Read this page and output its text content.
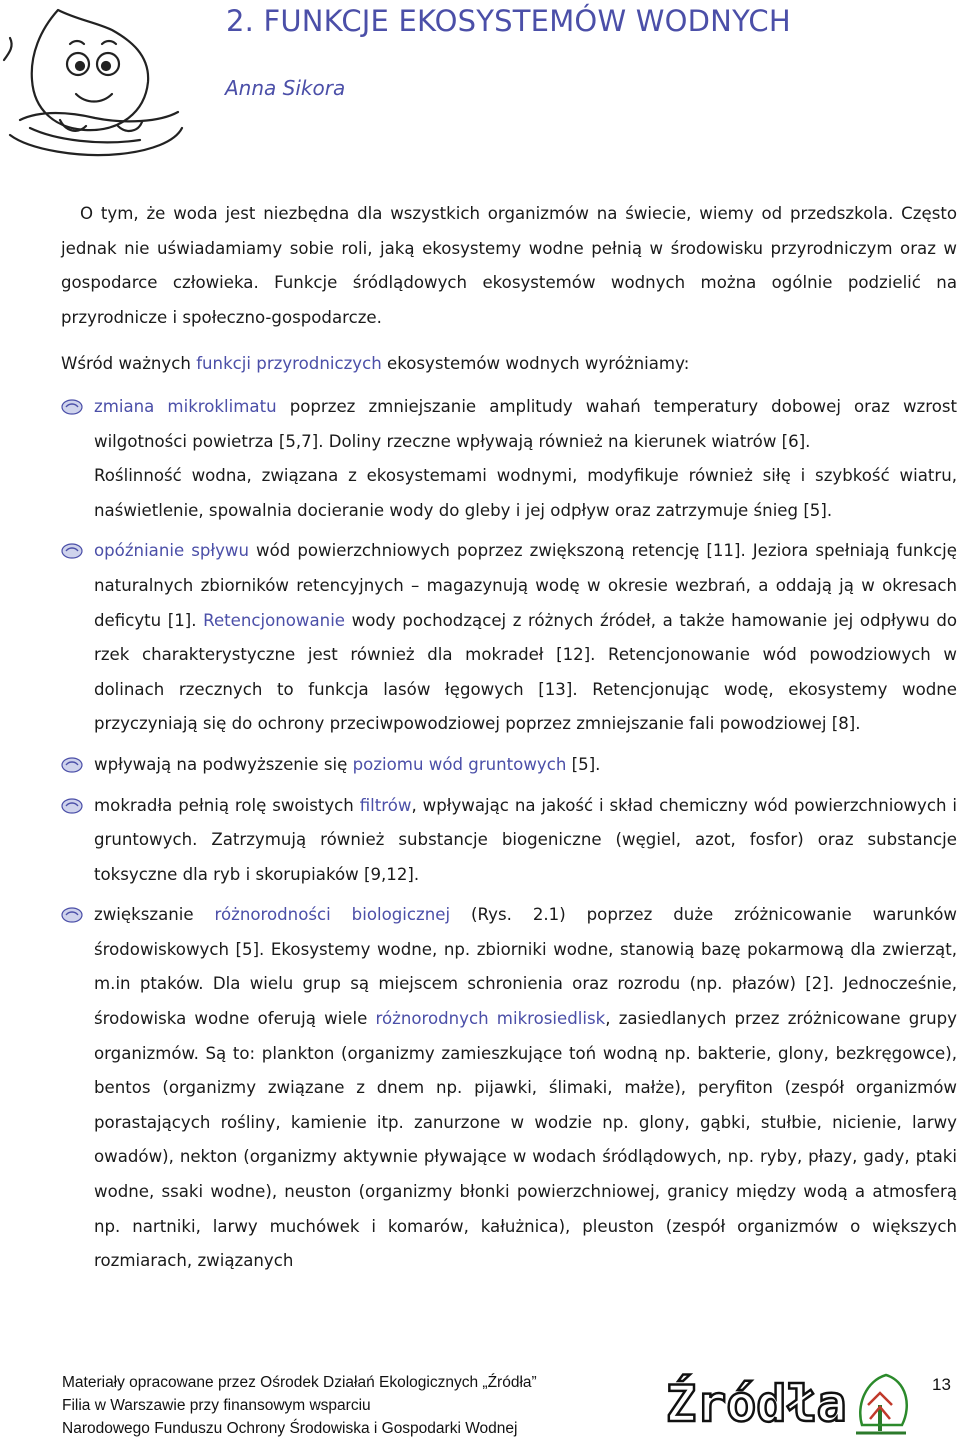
2. FUNKCJE EKOSYSTEMÓW WODNYCH

Anna Sikora

O tym, że woda jest niezbędna dla wszystkich organizmów na świecie, wiemy od przedszkola. Często jednak nie uświadamiamy sobie roli, jaką ekosystemy wodne pełnią w środowisku przyrodniczym oraz w gospodarce człowieka. Funkcje śródlądowych ekosystemów wodnych można ogólnie podzielić na przyrodnicze i społeczno-gospodarcze.

Wśród ważnych funkcji przyrodniczych ekosystemów wodnych wyróżniamy:

zmiana mikroklimatu poprzez zmniejszanie amplitudy wahań temperatury dobowej oraz wzrost wilgotności powietrza [5,7]. Doliny rzeczne wpływają również na kierunek wiatrów [6].

Roślinność wodna, związana z ekosystemami wodnymi, modyfikuje również siłę i szybkość wiatru, naświetlenie, spowalnia docieranie wody do gleby i jej odpływ oraz zatrzymuje śnieg [5].

opóźnianie spływu wód powierzchniowych poprzez zwiększoną retencję [11]. Jeziora spełniają funkcję naturalnych zbiorników retencyjnych – magazynują wodę w okresie wezbrań, a oddają ją w okresach deficytu [1]. Retencjonowanie wody pochodzącej z różnych źródeł, a także hamowanie jej odpływu do rzek charakterystyczne jest również dla mokradeł [12]. Retencjonowanie wód powodziowych w dolinach rzecznych to funkcja lasów łęgowych [13]. Retencjonując wodę, ekosystemy wodne przyczyniają się do ochrony przeciwpowodziowej poprzez zmniejszanie fali powodziowej [8].

wpływają na podwyższenie się poziomu wód gruntowych [5].

mokradła pełnią rolę swoistych filtrów, wpływając na jakość i skład chemiczny wód powierzchniowych i gruntowych. Zatrzymują również substancje biogeniczne (węgiel, azot, fosfor) oraz substancje toksyczne dla ryb i skorupiaków [9,12].

zwiększanie różnorodności biologicznej (Rys. 2.1) poprzez duże zróżnicowanie warunków środowiskowych [5]. Ekosystemy wodne, np. zbiorniki wodne, stanowią bazę pokarmową dla zwierząt, m.in ptaków. Dla wielu grup są miejscem schronienia oraz rozrodu (np. płazów) [2]. Jednocześnie, środowiska wodne oferują wiele różnorodnych mikrosiedlisk, zasiedlanych przez zróżnicowane grupy organizmów. Są to: plankton (organizmy zamieszkujące toń wodną np. bakterie, glony, bezkręgowce), bentos (organizmy związane z dnem np. pijawki, ślimaki, małże), peryfiton (zespół organizmów porastających rośliny, kamienie itp. zanurzone w wodzie np. glony, gąbki, stułbie, nicienie, larwy owadów), nekton (organizmy aktywnie pływające w wodach śródlądowych, np. ryby, płazy, gady, ptaki wodne, ssaki wodne), neuston (organizmy błonki powierzchniowej, granicy między wodą a atmosferą np. nartniki, larwy muchówek i komarów, kałużnica), pleuston (zespół organizmów o większych rozmiarach, związanych

Materiały opracowane przez Ośrodek Działań Ekologicznych „Źródła”
Filia w Warszawie przy finansowym wsparciu
Narodowego Funduszu Ochrony Środowiska i Gospodarki Wodnej	Źródła	13
